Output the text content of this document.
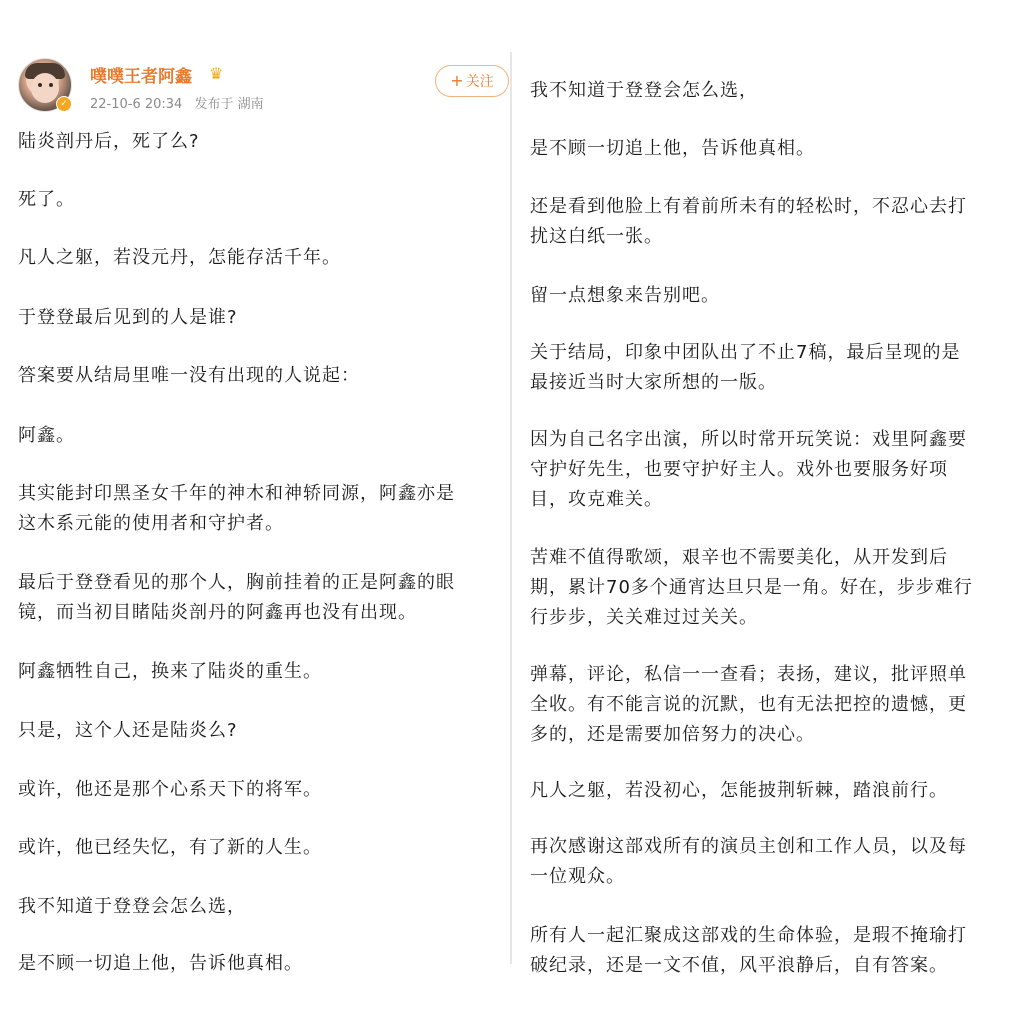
✓
噗噗王者阿鑫 ♛
22-10-6 20:34 发布于 湖南
+ 关注
陆炎剖丹后，死了么?
死了。
凡人之躯，若没元丹，怎能存活千年。
于登登最后见到的人是谁?
答案要从结局里唯一没有出现的人说起：
阿鑫。
其实能封印黑圣女千年的神木和神轿同源，阿鑫亦是
这木系元能的使用者和守护者。
最后于登登看见的那个人，胸前挂着的正是阿鑫的眼
镜，而当初目睹陆炎剖丹的阿鑫再也没有出现。
阿鑫牺牲自己，换来了陆炎的重生。
只是，这个人还是陆炎么?
或许，他还是那个心系天下的将军。
或许，他已经失忆，有了新的人生。
我不知道于登登会怎么选，
是不顾一切追上他，告诉他真相。
我不知道于登登会怎么选，
是不顾一切追上他，告诉他真相。
还是看到他脸上有着前所未有的轻松时，不忍心去打
扰这白纸一张。
留一点想象来告别吧。
关于结局，印象中团队出了不止7稿，最后呈现的是
最接近当时大家所想的一版。
因为自己名字出演，所以时常开玩笑说：戏里阿鑫要
守护好先生，也要守护好主人。戏外也要服务好项
目，攻克难关。
苦难不值得歌颂，艰辛也不需要美化，从开发到后
期，累计70多个通宵达旦只是一角。好在，步步难行
行步步，关关难过过关关。
弹幕，评论，私信一一查看；表扬，建议，批评照单
全收。有不能言说的沉默，也有无法把控的遗憾，更
多的，还是需要加倍努力的决心。
凡人之躯，若没初心，怎能披荆斩棘，踏浪前行。
再次感谢这部戏所有的演员主创和工作人员，以及每
一位观众。
所有人一起汇聚成这部戏的生命体验，是瑕不掩瑜打
破纪录，还是一文不值，风平浪静后，自有答案。
